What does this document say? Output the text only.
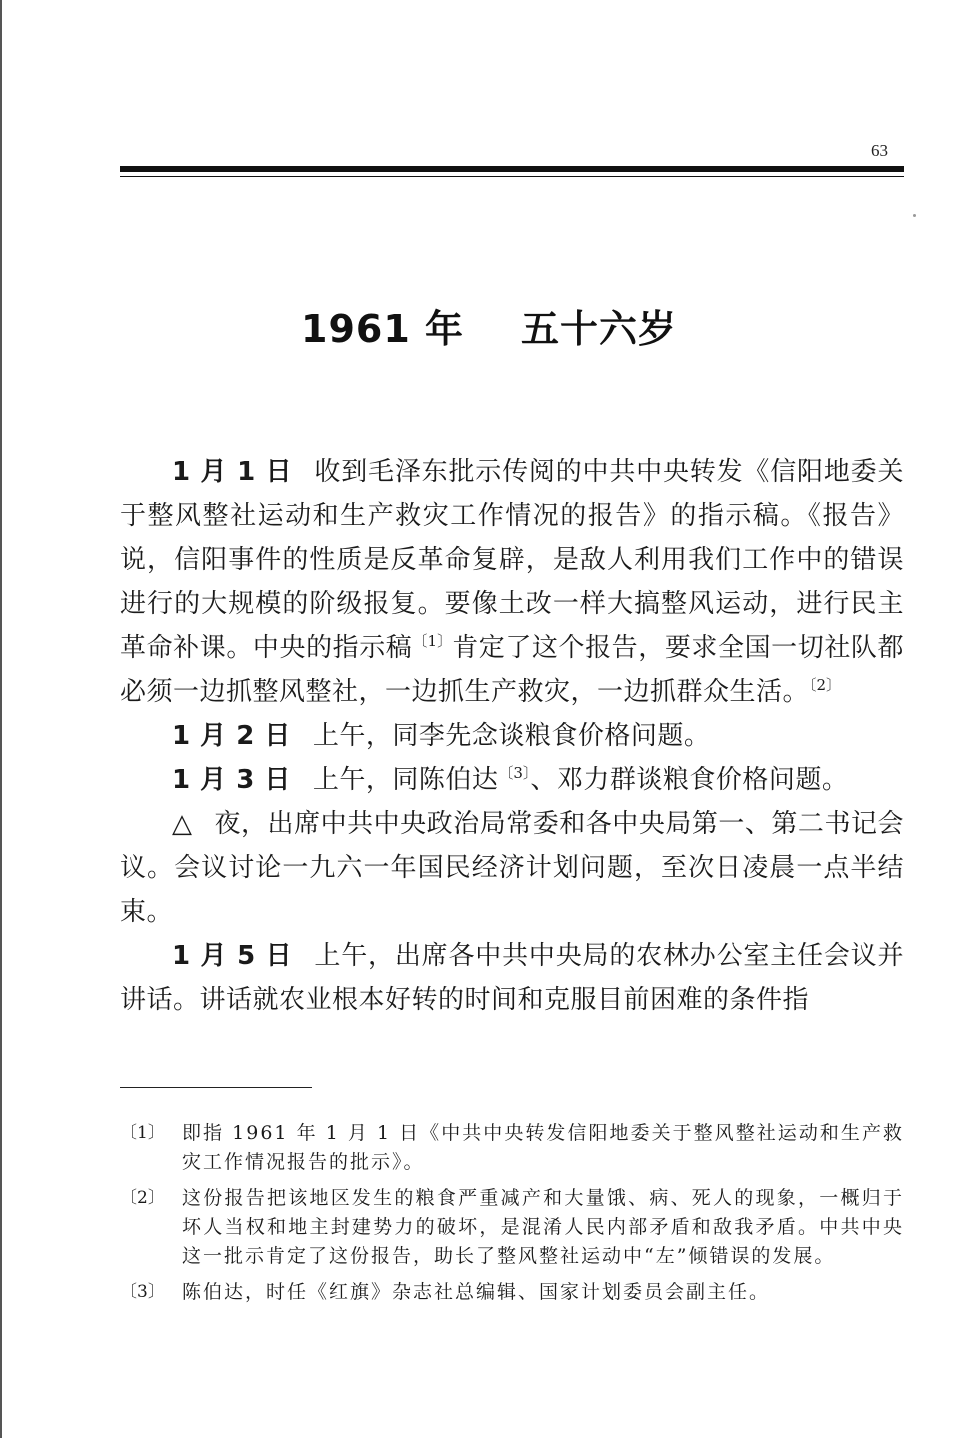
63
1961 年    五十六岁

1 月 1 日 收到毛泽东批示传阅的中共中央转发《信阳地委关于整风整社运动和生产救灾工作情况的报告》的指示稿。《报告》说，信阳事件的性质是反革命复辟，是敌人利用我们工作中的错误进行的大规模的阶级报复。要像土改一样大搞整风运动，进行民主革命补课。中央的指示稿$^{〔1〕}$肯定了这个报告，要求全国一切社队都必须一边抓整风整社，一边抓生产救灾，一边抓群众生活。$^{〔2〕}$

1 月 2 日 上午，同李先念谈粮食价格问题。

1 月 3 日 上午，同陈伯达$^{〔3〕}$、邓力群谈粮食价格问题。

△ 夜，出席中共中央政治局常委和各中央局第一、第二书记会议。会议讨论一九六一年国民经济计划问题，至次日凌晨一点半结束。

1 月 5 日 上午，出席各中共中央局的农林办公室主任会议并讲话。讲话就农业根本好转的时间和克服目前困难的条件指

〔1〕 即指 1961 年 1 月 1 日《中共中央转发信阳地委关于整风整社运动和生产救灾工作情况报告的批示》。
〔2〕 这份报告把该地区发生的粮食严重减产和大量饿、病、死人的现象，一概归于坏人当权和地主封建势力的破坏，是混淆人民内部矛盾和敌我矛盾。中共中央这一批示肯定了这份报告，助长了整风整社运动中“左”倾错误的发展。
〔3〕 陈伯达，时任《红旗》杂志社总编辑、国家计划委员会副主任。
